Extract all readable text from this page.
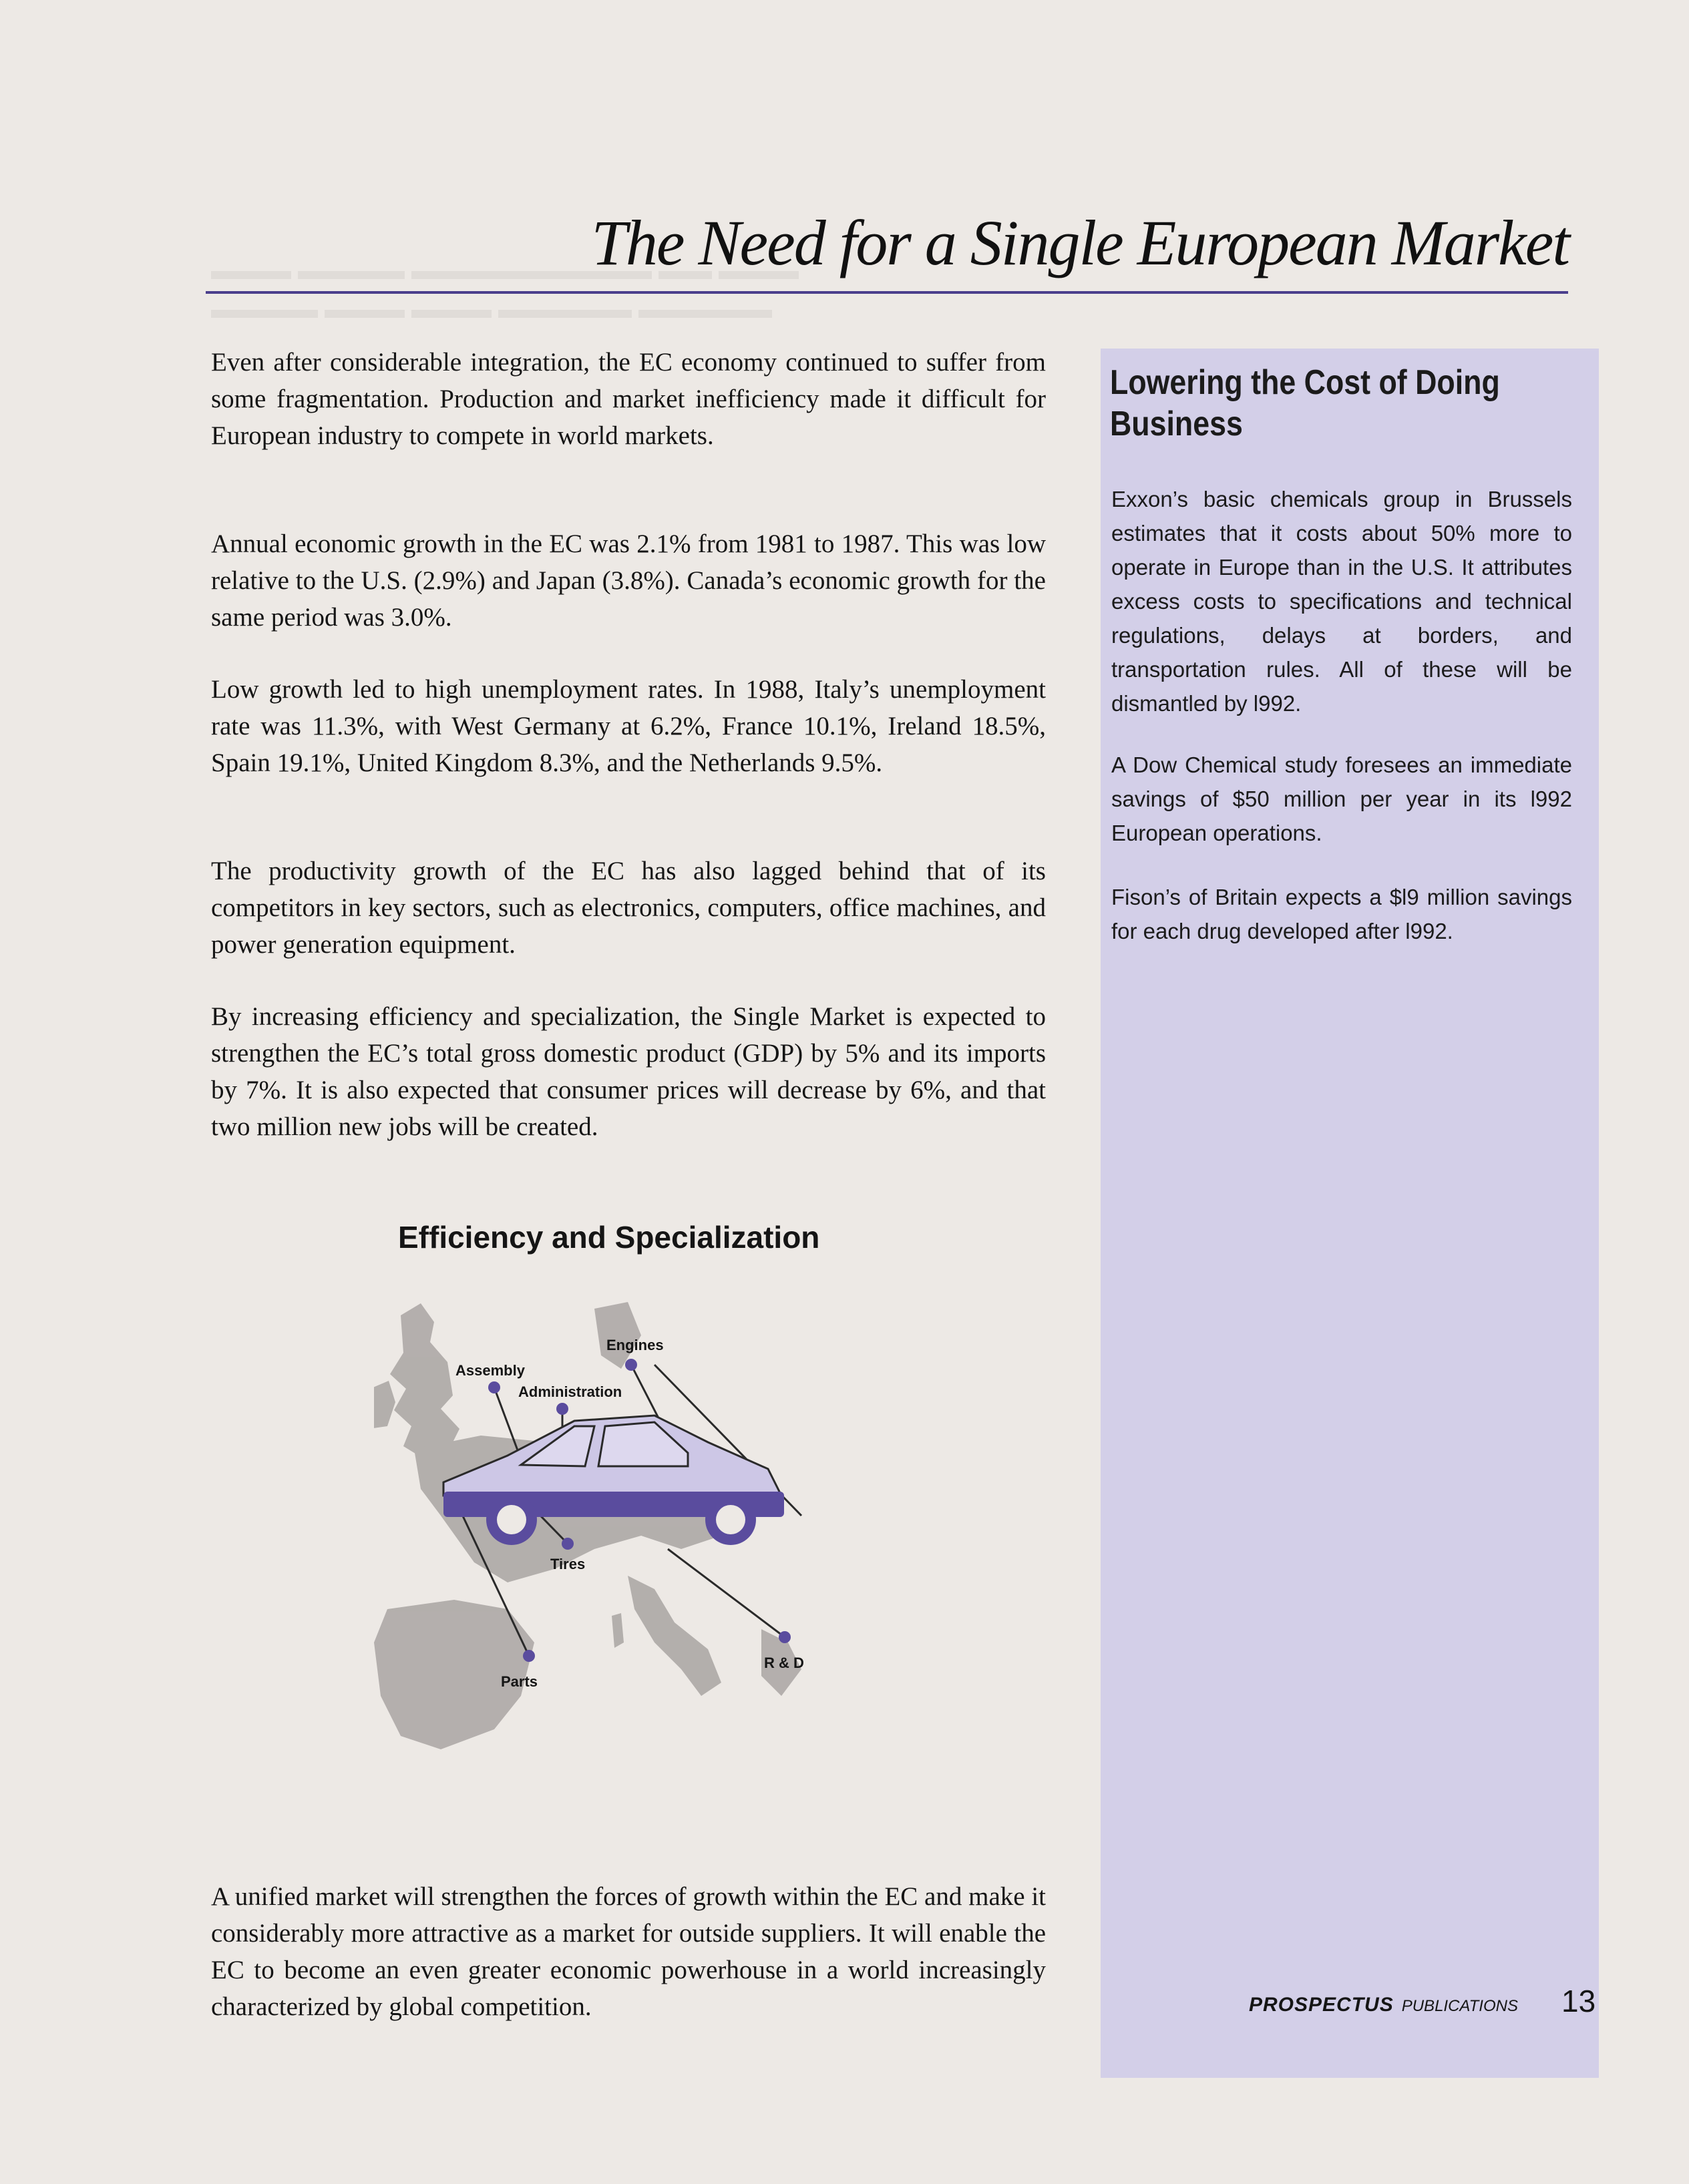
▬▬▬ ▬▬▬▬ ▬▬▬▬▬▬▬▬▬ ▬▬ ▬▬▬
▬▬▬▬ ▬▬▬ ▬▬▬ ▬▬▬▬▬ ▬▬▬▬▬

The Need for a Single European Market

Even after considerable integration, the EC economy continued to suffer from some fragmentation. Production and market inefficiency made it difficult for European industry to compete in world markets.

Annual economic growth in the EC was 2.1% from 1981 to 1987. This was low relative to the U.S. (2.9%) and Japan (3.8%). Canada’s economic growth for the same period was 3.0%.

Low growth led to high unemployment rates. In 1988, Italy’s unemployment rate was 11.3%, with West Germany at 6.2%, France 10.1%, Ireland 18.5%, Spain 19.1%, United Kingdom 8.3%, and the Netherlands 9.5%.

The productivity growth of the EC has also lagged behind that of its competitors in key sectors, such as electronics, computers, office machines, and power generation equipment.

By increasing efficiency and specialization, the Single Market is expected to strengthen the EC’s total gross domestic product (GDP) by 5% and its imports by 7%. It is also expected that consumer prices will decrease by 6%, and that two million new jobs will be created.

Efficiency and Specialization
Engines
Assembly
Administration
Tires
R & D
Parts

A unified market will strengthen the forces of growth within the EC and make it considerably more attractive as a market for outside suppliers. It will enable the EC to become an even greater economic powerhouse in a world increasingly characterized by global competition.

Lowering the Cost of Doing Business

Exxon’s basic chemicals group in Brussels estimates that it costs about 50% more to operate in Europe than in the U.S. It attributes excess costs to specifications and technical regulations, delays at borders, and transportation rules. All of these will be dismantled by l992.

A Dow Chemical study foresees an immediate savings of $50 million per year in its l992 European operations.

Fison’s of Britain expects a $l9 million savings for each drug developed after l992.

PROSPECTUS PUBLICATIONS 13
